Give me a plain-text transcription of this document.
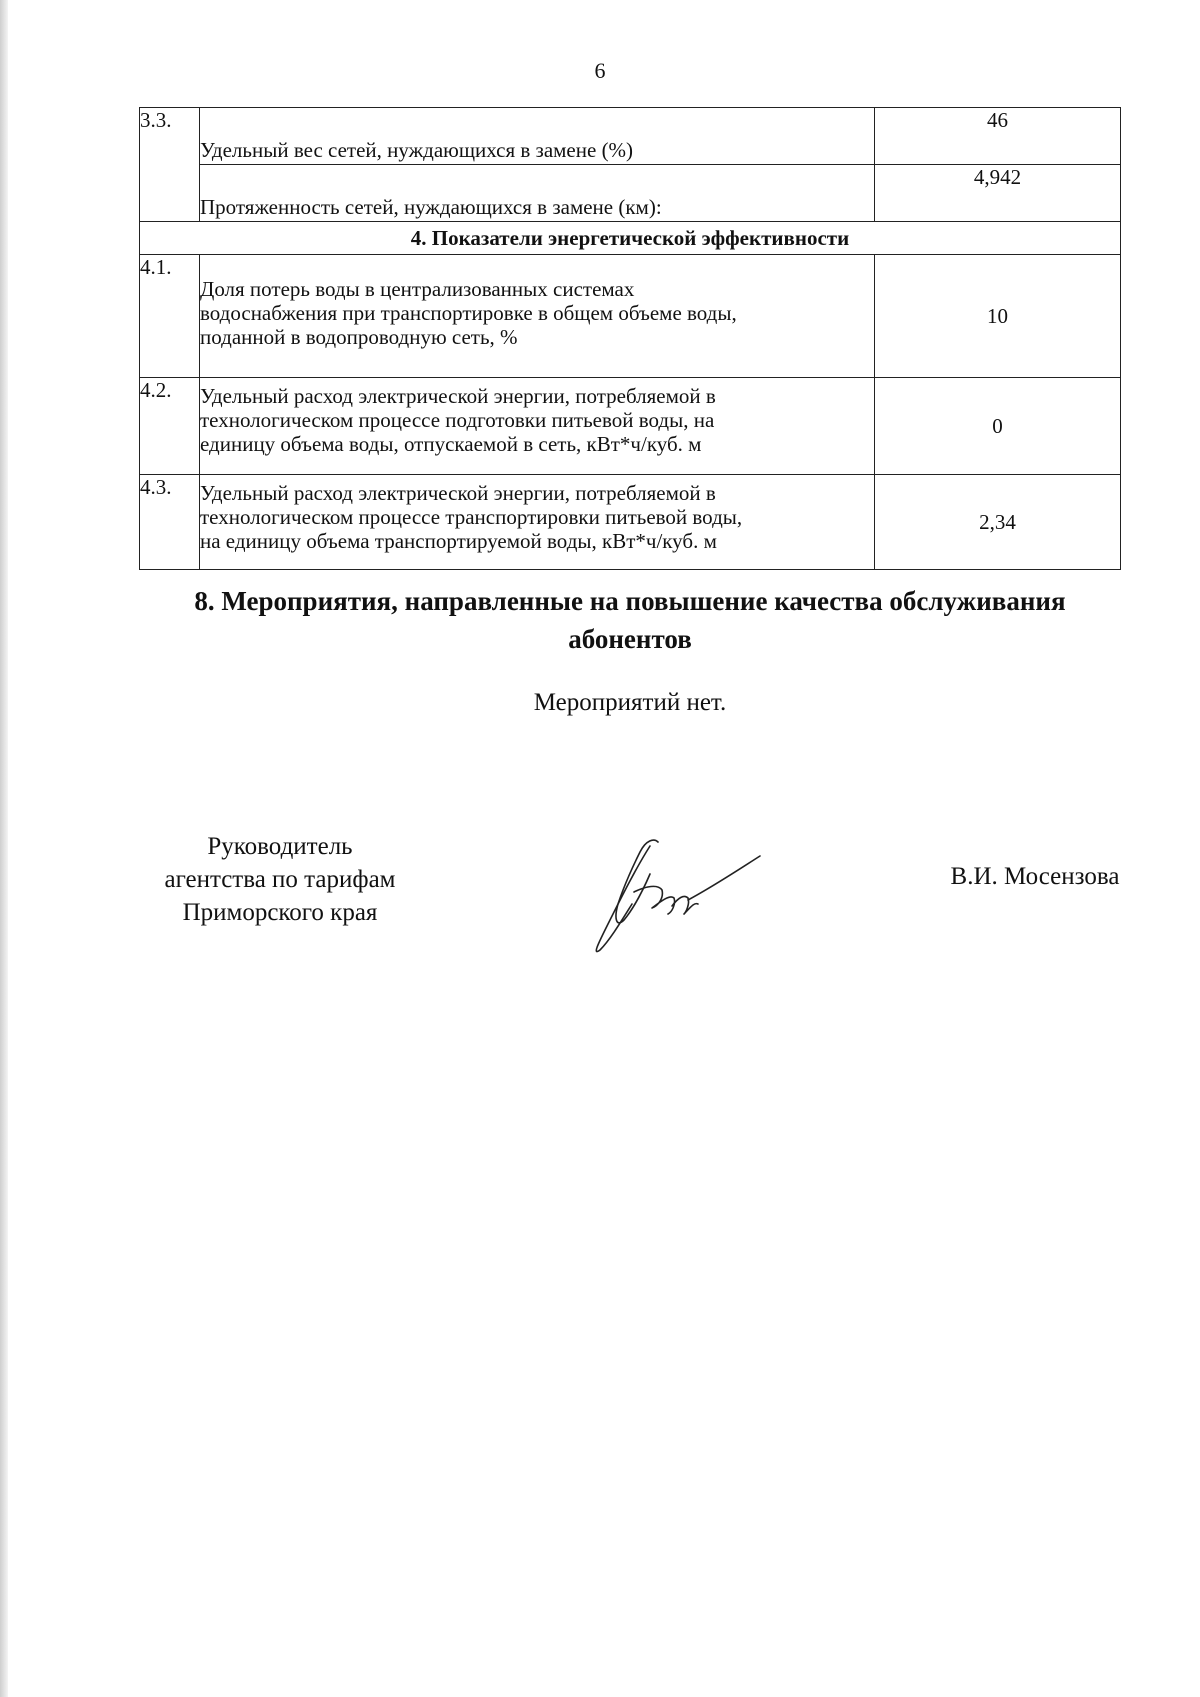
6
3.3.	Удельный вес сетей, нуждающихся в замене (%)	46
	Протяженность сетей, нуждающихся в замене (км):	4,942
4. Показатели энергетической эффективности		
4.1.	Доля потерь воды в централизованных системах
водоснабжения при транспортировке в общем объеме воды,
поданной в водопроводную сеть, %	10
4.2.	Удельный расход электрической энергии, потребляемой в
технологическом процессе подготовки питьевой воды, на
единицу объема воды, отпускаемой в сеть, кВт*ч/куб. м	0
4.3.	Удельный расход электрической энергии, потребляемой в
технологическом процессе транспортировки питьевой воды,
на единицу объема транспортируемой воды, кВт*ч/куб. м	2,34
8. Мероприятия, направленные на повышение качества обслуживания
абонентов
Мероприятий нет.
Руководитель
агентства по тарифам
Приморского края
В.И. Мосензова
